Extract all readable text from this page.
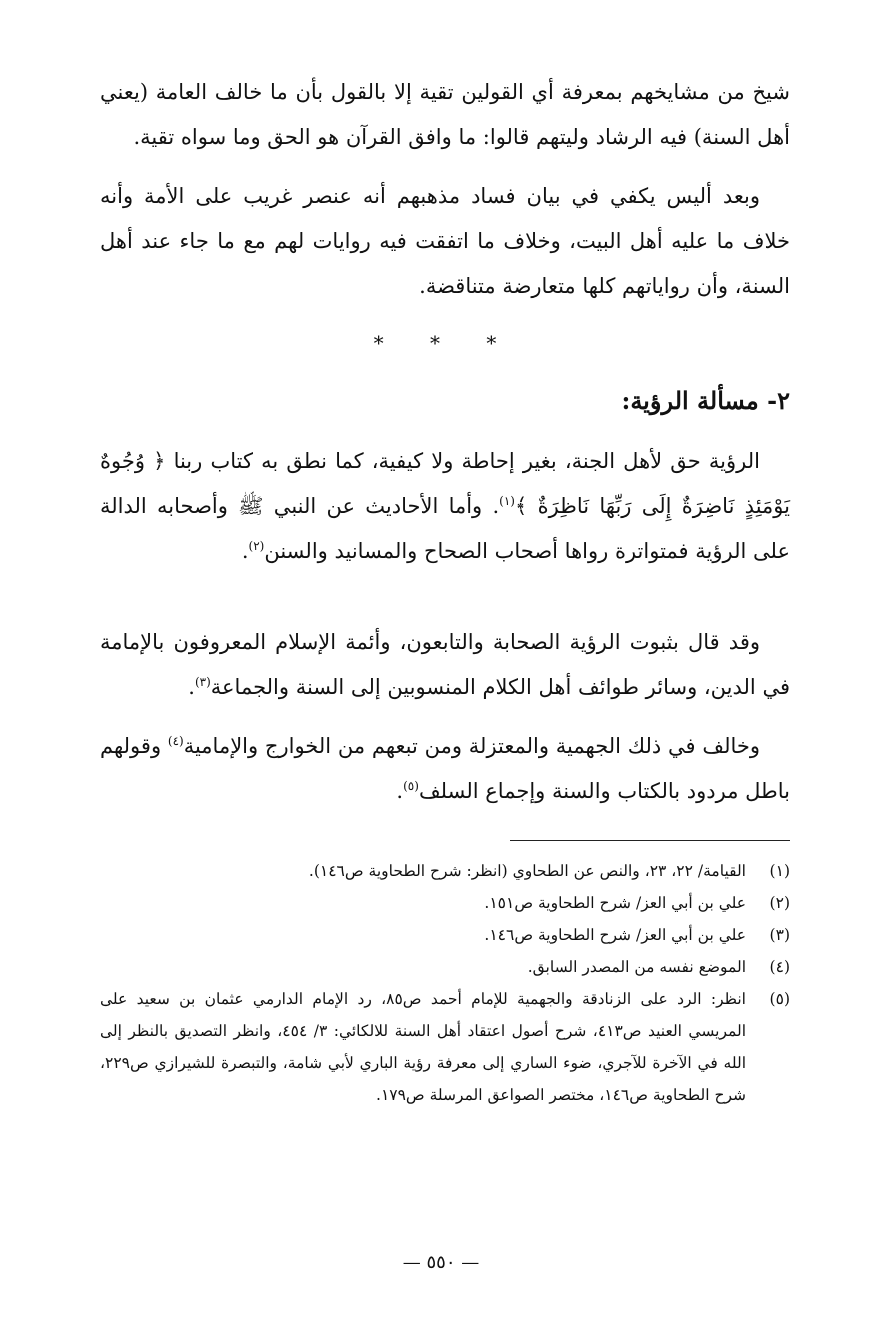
شيخ من مشايخهم بمعرفة أي القولين تقية إلا بالقول بأن ما خالف العامة (يعني أهل السنة) فيه الرشاد وليتهم قالوا: ما وافق القرآن هو الحق وما سواه تقية.

وبعد أليس يكفي في بيان فساد مذهبهم أنه عنصر غريب على الأمة وأنه خلاف ما عليه أهل البيت، وخلاف ما اتفقت فيه روايات لهم مع ما جاء عند أهل السنة، وأن رواياتهم كلها متعارضة متناقضة.

* * *
٢- مسألة الرؤية:

الرؤية حق لأهل الجنة، بغير إحاطة ولا كيفية، كما نطق به كتاب ربنا ﴿ وُجُوهٌ يَوْمَئِذٍ نَاضِرَةٌ إِلَى رَبِّهَا نَاظِرَةٌ ﴾$^{(١)}$. وأما الأحاديث عن النبي ﷺ وأصحابه الدالة على الرؤية فمتواترة رواها أصحاب الصحاح والمسانيد والسنن$^{(٢)}$.

وقد قال بثبوت الرؤية الصحابة والتابعون، وأئمة الإسلام المعروفون بالإمامة في الدين، وسائر طوائف أهل الكلام المنسوبين إلى السنة والجماعة$^{(٣)}$.

وخالف في ذلك الجهمية والمعتزلة ومن تبعهم من الخوارج والإمامية$^{(٤)}$ وقولهم باطل مردود بالكتاب والسنة وإجماع السلف$^{(٥)}$.

(١)
القيامة/ ٢٢، ٢٣، والنص عن الطحاوي (انظر: شرح الطحاوية ص١٤٦).
(٢)
علي بن أبي العز/ شرح الطحاوية ص١٥١.
(٣)
علي بن أبي العز/ شرح الطحاوية ص١٤٦.
(٤)
الموضع نفسه من المصدر السابق.
(٥)
انظر: الرد على الزنادقة والجهمية للإمام أحمد ص٨٥، رد الإمام الدارمي عثمان بن سعيد على المريسي العنيد ص٤١٣، شرح أصول اعتقاد أهل السنة للالكائي: ٣/ ٤٥٤، وانظر التصديق بالنظر إلى الله في الآخرة للآجري، ضوء الساري إلى معرفة رؤية الباري لأبي شامة، والتبصرة للشيرازي ص٢٢٩، شرح الطحاوية ص١٤٦، مختصر الصواعق المرسلة ص١٧٩.
— ٥٥٠ —
